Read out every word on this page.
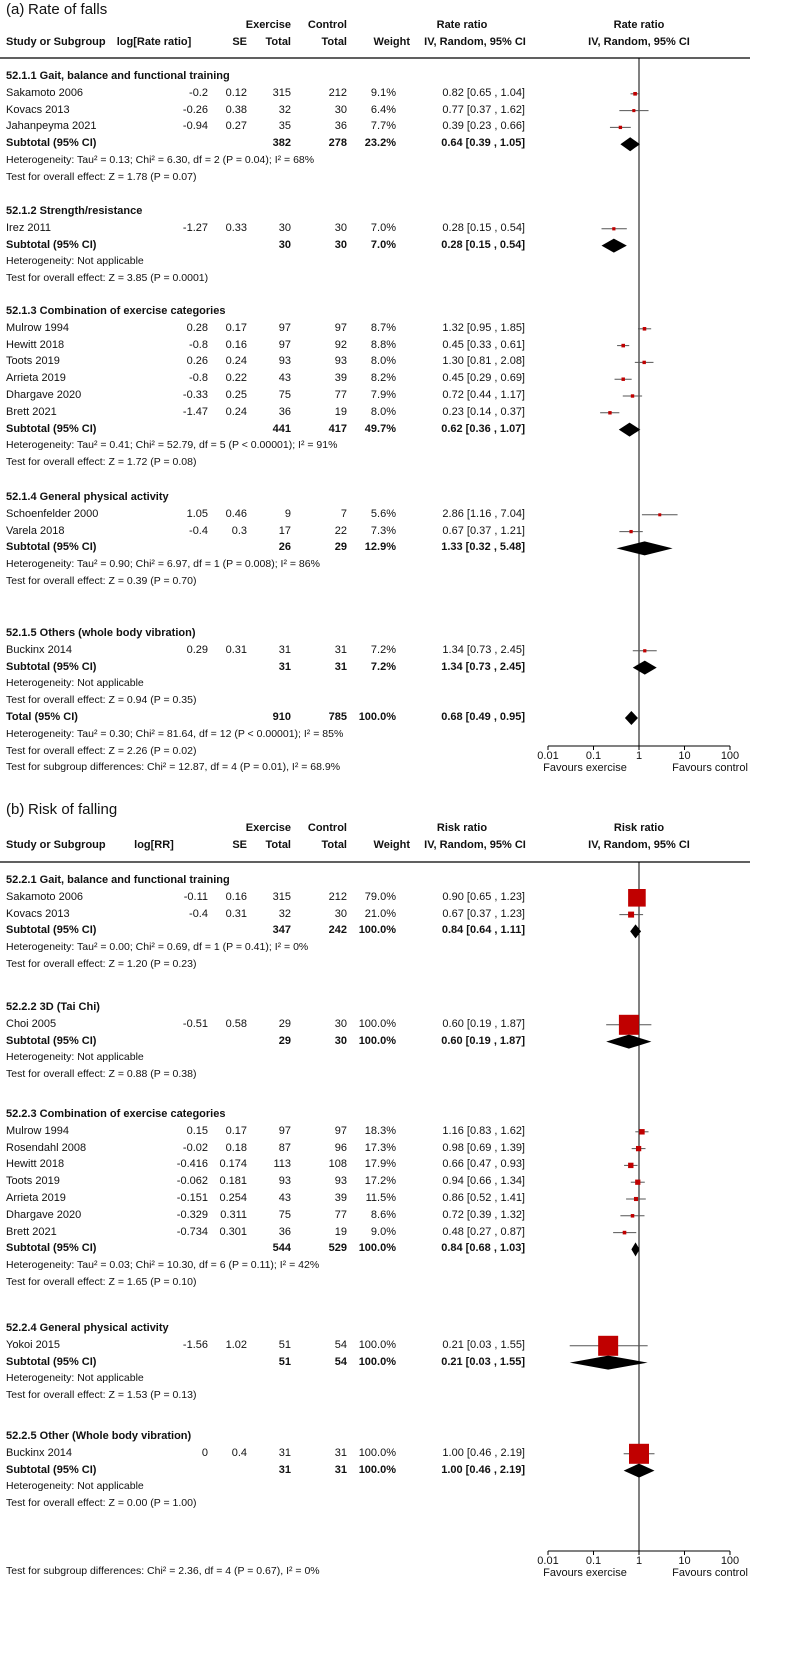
(a) Rate of falls
Exercise	Control	Rate ratio	Rate ratio
Study or Subgroup	log[Rate ratio]	SE	Total	Total	Weight	IV, Random, 95% CI	IV, Random, 95% CI
52.1.1 Gait, balance and functional training
Sakamoto 2006	-0.2	0.12	315	212	9.1%	0.82 [0.65 , 1.04]
Kovacs 2013	-0.26	0.38	32	30	6.4%	0.77 [0.37 , 1.62]
Jahanpeyma 2021	-0.94	0.27	35	36	7.7%	0.39 [0.23 , 0.66]
Subtotal (95% CI)	382	278	23.2%	0.64 [0.39 , 1.05]
Heterogeneity: Tau² = 0.13; Chi² = 6.30, df = 2 (P = 0.04); I² = 68%
Test for overall effect: Z = 1.78 (P = 0.07)
52.1.2 Strength/resistance
Irez 2011	-1.27	0.33	30	30	7.0%	0.28 [0.15 , 0.54]
Subtotal (95% CI)	30	30	7.0%	0.28 [0.15 , 0.54]
Heterogeneity: Not applicable
Test for overall effect: Z = 3.85 (P = 0.0001)
52.1.3 Combination of exercise categories
Mulrow 1994	0.28	0.17	97	97	8.7%	1.32 [0.95 , 1.85]
Hewitt 2018	-0.8	0.16	97	92	8.8%	0.45 [0.33 , 0.61]
Toots 2019	0.26	0.24	93	93	8.0%	1.30 [0.81 , 2.08]
Arrieta 2019	-0.8	0.22	43	39	8.2%	0.45 [0.29 , 0.69]
Dhargave 2020	-0.33	0.25	75	77	7.9%	0.72 [0.44 , 1.17]
Brett 2021	-1.47	0.24	36	19	8.0%	0.23 [0.14 , 0.37]
Subtotal (95% CI)	441	417	49.7%	0.62 [0.36 , 1.07]
Heterogeneity: Tau² = 0.41; Chi² = 52.79, df = 5 (P < 0.00001); I² = 91%
Test for overall effect: Z = 1.72 (P = 0.08)
52.1.4 General physical activity
Schoenfelder 2000	1.05	0.46	9	7	5.6%	2.86 [1.16 , 7.04]
Varela 2018	-0.4	0.3	17	22	7.3%	0.67 [0.37 , 1.21]
Subtotal (95% CI)	26	29	12.9%	1.33 [0.32 , 5.48]
Heterogeneity: Tau² = 0.90; Chi² = 6.97, df = 1 (P = 0.008); I² = 86%
Test for overall effect: Z = 0.39 (P = 0.70)
52.1.5 Others (whole body vibration)
Buckinx 2014	0.29	0.31	31	31	7.2%	1.34 [0.73 , 2.45]
Subtotal (95% CI)	31	31	7.2%	1.34 [0.73 , 2.45]
Heterogeneity: Not applicable
Test for overall effect: Z = 0.94 (P = 0.35)
Total (95% CI)	910	785	100.0%	0.68 [0.49 , 0.95]
Heterogeneity: Tau² = 0.30; Chi² = 81.64, df = 12 (P < 0.00001); I² = 85%
Test for overall effect: Z = 2.26 (P = 0.02)
Test for subgroup differences: Chi² = 12.87, df = 4 (P = 0.01), I² = 68.9%
0.01	0.1	1	10	100
Favours exercise	Favours control
(b) Risk of falling
Exercise	Control	Risk ratio	Risk ratio
Study or Subgroup	log[RR]	SE	Total	Total	Weight	IV, Random, 95% CI	IV, Random, 95% CI
52.2.1 Gait, balance and functional training
Sakamoto 2006	-0.11	0.16	315	212	79.0%	0.90 [0.65 , 1.23]
Kovacs 2013	-0.4	0.31	32	30	21.0%	0.67 [0.37 , 1.23]
Subtotal (95% CI)	347	242	100.0%	0.84 [0.64 , 1.11]
Heterogeneity: Tau² = 0.00; Chi² = 0.69, df = 1 (P = 0.41); I² = 0%
Test for overall effect: Z = 1.20 (P = 0.23)
52.2.2 3D (Tai Chi)
Choi 2005	-0.51	0.58	29	30	100.0%	0.60 [0.19 , 1.87]
Subtotal (95% CI)	29	30	100.0%	0.60 [0.19 , 1.87]
Heterogeneity: Not applicable
Test for overall effect: Z = 0.88 (P = 0.38)
52.2.3 Combination of exercise categories
Mulrow 1994	0.15	0.17	97	97	18.3%	1.16 [0.83 , 1.62]
Rosendahl 2008	-0.02	0.18	87	96	17.3%	0.98 [0.69 , 1.39]
Hewitt 2018	-0.416	0.174	113	108	17.9%	0.66 [0.47 , 0.93]
Toots 2019	-0.062	0.181	93	93	17.2%	0.94 [0.66 , 1.34]
Arrieta 2019	-0.151	0.254	43	39	11.5%	0.86 [0.52 , 1.41]
Dhargave 2020	-0.329	0.311	75	77	8.6%	0.72 [0.39 , 1.32]
Brett 2021	-0.734	0.301	36	19	9.0%	0.48 [0.27 , 0.87]
Subtotal (95% CI)	544	529	100.0%	0.84 [0.68 , 1.03]
Heterogeneity: Tau² = 0.03; Chi² = 10.30, df = 6 (P = 0.11); I² = 42%
Test for overall effect: Z = 1.65 (P = 0.10)
52.2.4 General physical activity
Yokoi 2015	-1.56	1.02	51	54	100.0%	0.21 [0.03 , 1.55]
Subtotal (95% CI)	51	54	100.0%	0.21 [0.03 , 1.55]
Heterogeneity: Not applicable
Test for overall effect: Z = 1.53 (P = 0.13)
52.2.5 Other (Whole body vibration)
Buckinx 2014	0	0.4	31	31	100.0%	1.00 [0.46 , 2.19]
Subtotal (95% CI)	31	31	100.0%	1.00 [0.46 , 2.19]
Heterogeneity: Not applicable
Test for overall effect: Z = 0.00 (P = 1.00)
Test for subgroup differences: Chi² = 2.36, df = 4 (P = 0.67), I² = 0%
0.01	0.1	1	10	100
Favours exercise	Favours control
